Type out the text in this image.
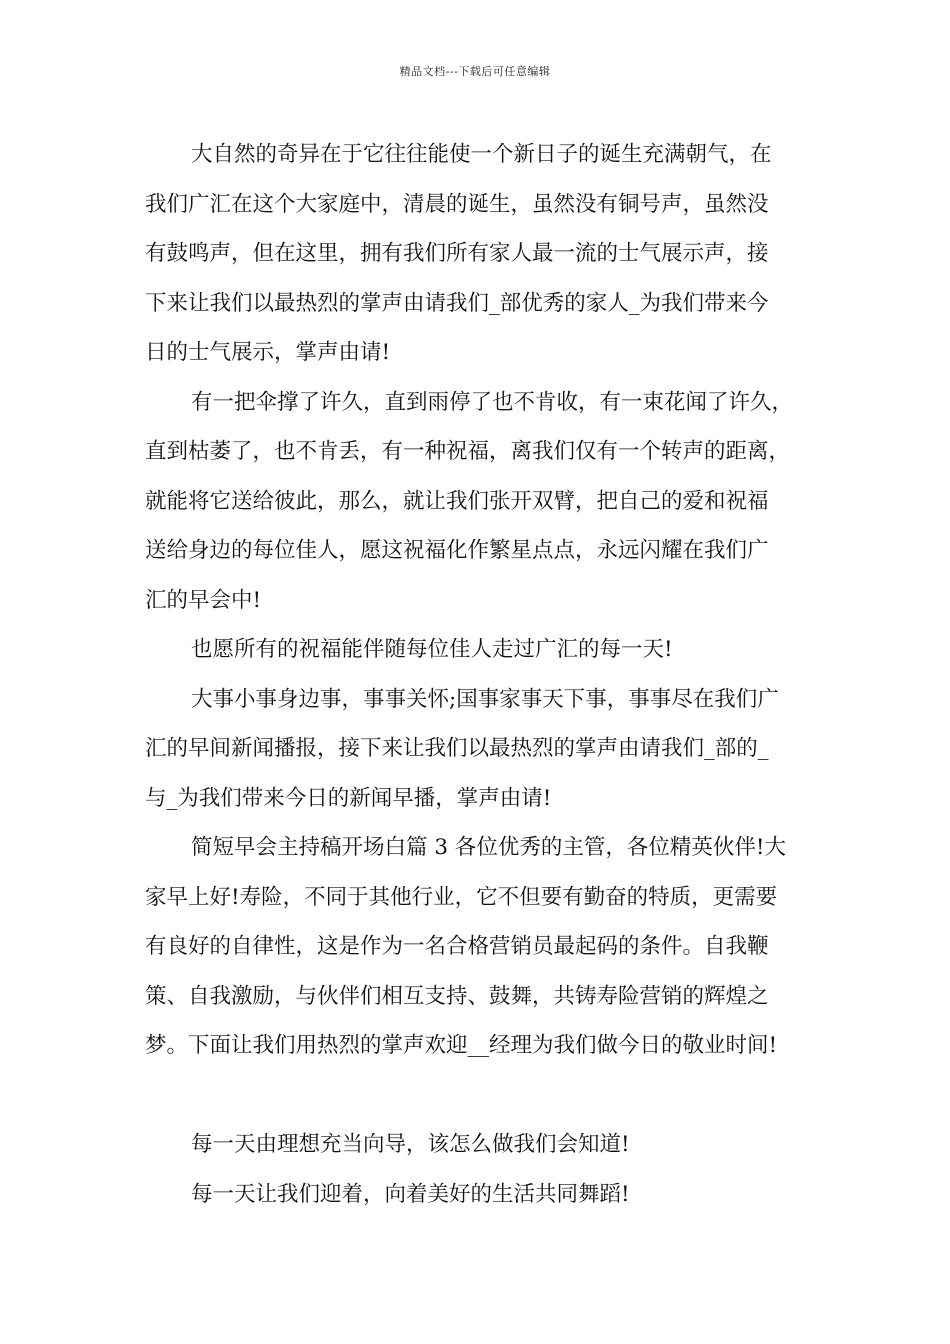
精品文档---下载后可任意编辑
大自然的奇异在于它往往能使一个新日子的诞生充满朝气，在
我们广汇在这个大家庭中，清晨的诞生，虽然没有铜号声，虽然没
有鼓鸣声，但在这里，拥有我们所有家人最一流的士气展示声，接
下来让我们以最热烈的掌声由请我们_部优秀的家人_为我们带来今
日的士气展示，掌声由请!
有一把伞撑了许久，直到雨停了也不肯收，有一束花闻了许久，
直到枯萎了，也不肯丢，有一种祝福，离我们仅有一个转声的距离，
就能将它送给彼此，那么，就让我们张开双臂，把自己的爱和祝福
送给身边的每位佳人，愿这祝福化作繁星点点，永远闪耀在我们广
汇的早会中!
也愿所有的祝福能伴随每位佳人走过广汇的每一天!
大事小事身边事，事事关怀;国事家事天下事，事事尽在我们广
汇的早间新闻播报，接下来让我们以最热烈的掌声由请我们_部的_
与_为我们带来今日的新闻早播，掌声由请!
简短早会主持稿开场白篇 3 各位优秀的主管，各位精英伙伴!大
家早上好!寿险，不同于其他行业，它不但要有勤奋的特质，更需要
有良好的自律性，这是作为一名合格营销员最起码的条件。自我鞭
策、自我激励，与伙伴们相互支持、鼓舞，共铸寿险营销的辉煌之
梦。下面让我们用热烈的掌声欢迎__经理为我们做今日的敬业时间!
每一天由理想充当向导，该怎么做我们会知道!
每一天让我们迎着，向着美好的生活共同舞蹈!
